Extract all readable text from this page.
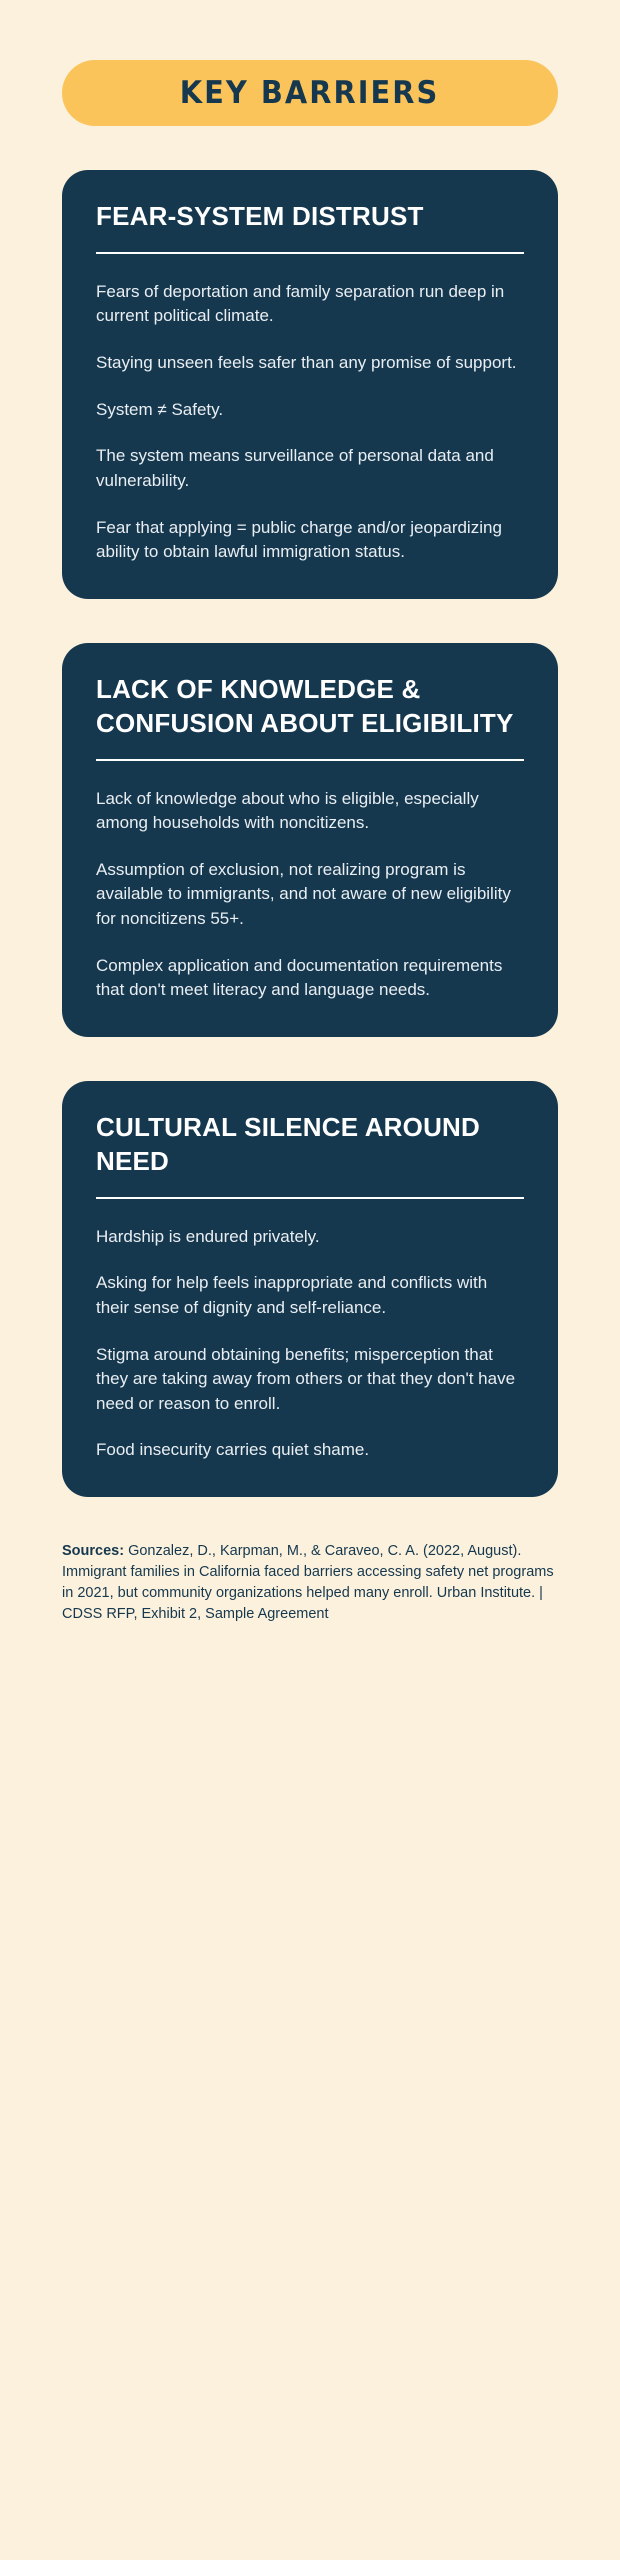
KEY BARRIERS
FEAR-SYSTEM DISTRUST

Fears of deportation and family separation run deep in current political climate.

Staying unseen feels safer than any promise of support.

System ≠ Safety.

The system means surveillance of personal data and vulnerability.

Fear that applying = public charge and/or jeopardizing ability to obtain lawful immigration status.

LACK OF KNOWLEDGE & CONFUSION ABOUT ELIGIBILITY

Lack of knowledge about who is eligible, especially among households with noncitizens.

Assumption of exclusion, not realizing program is available to immigrants, and not aware of new eligibility for noncitizens 55+.

Complex application and documentation requirements that don't meet literacy and language needs.

CULTURAL SILENCE AROUND NEED

Hardship is endured privately.

Asking for help feels inappropriate and conflicts with their sense of dignity and self-reliance.

Stigma around obtaining benefits; misperception that they are taking away from others or that they don't have need or reason to enroll.

Food insecurity carries quiet shame.

Sources: Gonzalez, D., Karpman, M., & Caraveo, C. A. (2022, August). Immigrant families in California faced barriers accessing safety net programs in 2021, but community organizations helped many enroll. Urban Institute. | CDSS RFP, Exhibit 2, Sample Agreement
